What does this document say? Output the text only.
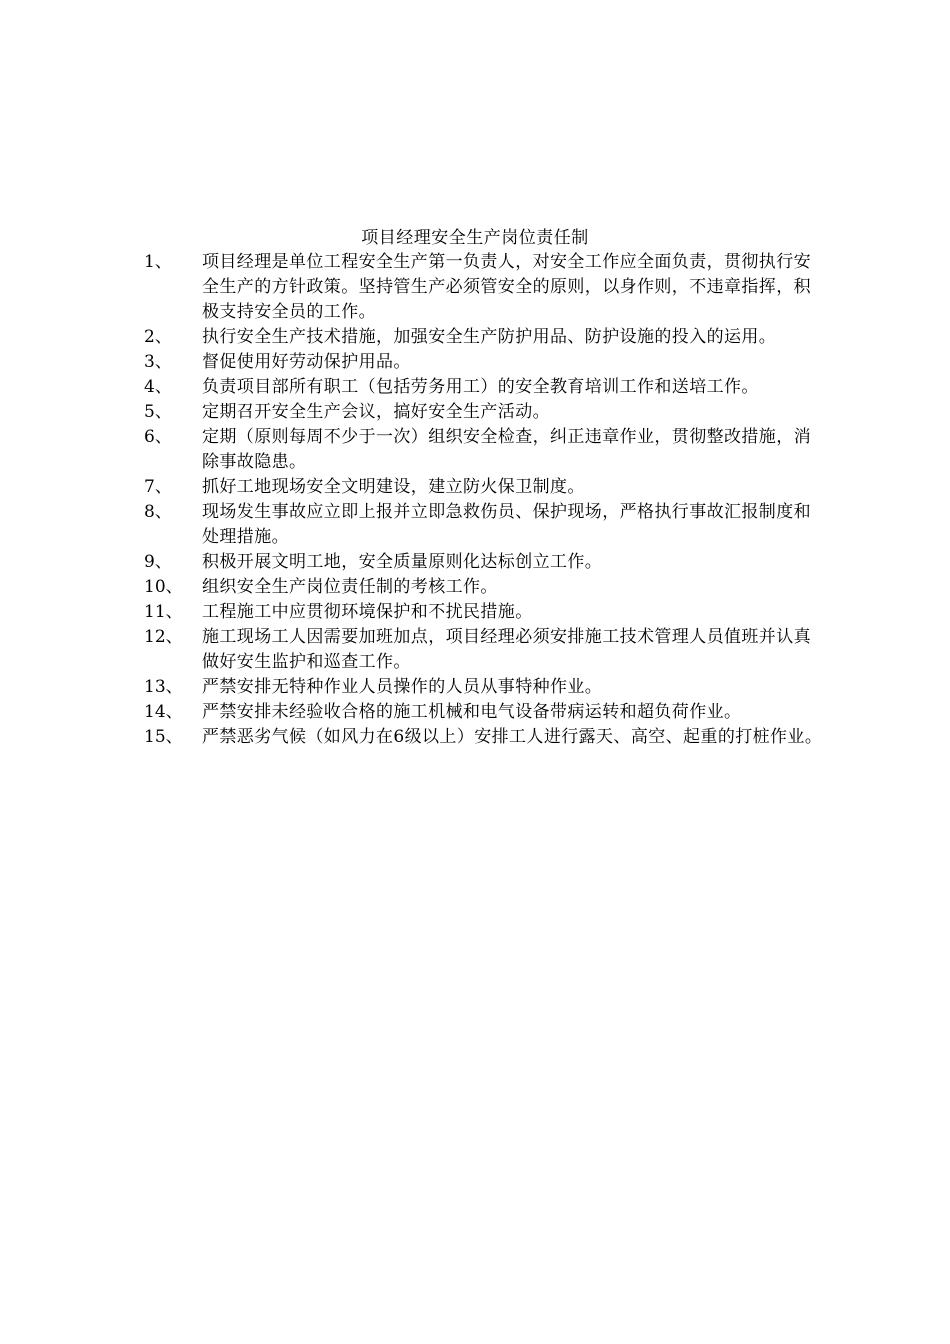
项目经理安全生产岗位责任制
1、	项目经理是单位工程安全生产第一负责人，对安全工作应全面负责，贯彻执行安全生产的方针政策。坚持管生产必须管安全的原则，以身作则，不违章指挥，积极支持安全员的工作。
2、	执行安全生产技术措施，加强安全生产防护用品、防护设施的投入的运用。
3、	督促使用好劳动保护用品。
4、	负责项目部所有职工（包括劳务用工）的安全教育培训工作和送培工作。
5、	定期召开安全生产会议，搞好安全生产活动。
6、	定期（原则每周不少于一次）组织安全检查，纠正违章作业，贯彻整改措施，消除事故隐患。
7、	抓好工地现场安全文明建设，建立防火保卫制度。
8、	现场发生事故应立即上报并立即急救伤员、保护现场，严格执行事故汇报制度和处理措施。
9、	积极开展文明工地，安全质量原则化达标创立工作。
10、	组织安全生产岗位责任制的考核工作。
11、	工程施工中应贯彻环境保护和不扰民措施。
12、	施工现场工人因需要加班加点，项目经理必须安排施工技术管理人员值班并认真做好安生监护和巡查工作。
13、	严禁安排无特种作业人员操作的人员从事特种作业。
14、	严禁安排未经验收合格的施工机械和电气设备带病运转和超负荷作业。
15、	严禁恶劣气候（如风力在6级以上）安排工人进行露天、高空、起重的打桩作业。
